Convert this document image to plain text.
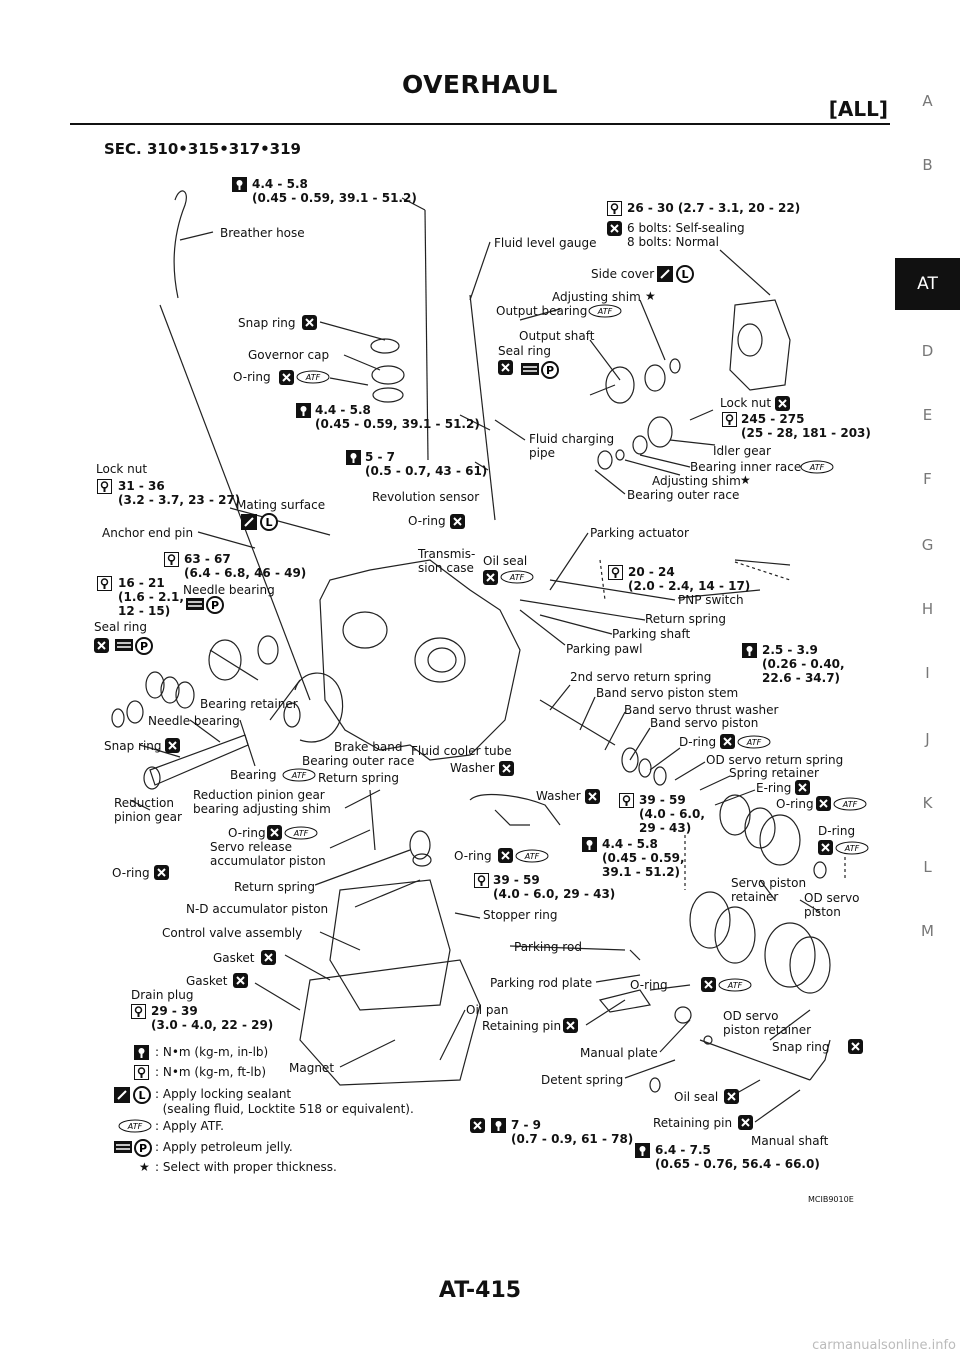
OVERHAUL
[ALL]	A
B
AT
D
E
F
G
H
I
J
K
L
M
SEC. 310•315•317•319
Breather hose
Snap ring
Governor cap
O-ring
Lock nut
Mating surface
Anchor end pin
Needle bearing
Seal ring
Bearing retainer
Needle bearing
Snap ring
Bearing
Reduction
pinion gear
Reduction pinion gear
bearing adjusting shim
O-ring
Servo release
accumulator piston
O-ring
Return spring
Return spring
N-D accumulator piston
Control valve assembly
Gasket
Gasket
Drain plug
Magnet
Fluid level gauge
Side cover
Adjusting shim
Output bearing
Output shaft
Seal ring
Lock nut
Idler gear
Bearing inner race
Adjusting shim
Bearing outer race
Fluid charging
pipe
Revolution sensor
O-ring
Transmis-
sion case Oil seal
Parking actuator
PNP switch
Return spring
Parking shaft
Parking pawl
2nd servo return spring
Band servo piston stem
Band servo thrust washer
Band servo piston
Brake band
Bearing outer race
Fluid cooler tube
Washer
Washer
D-ring
OD servo return spring
Spring retainer
E-ring
O-ring
D-ring
O-ring
Servo piston
retainer	OD servo
piston
Stopper ring
Parking rod
Parking rod plate	O-ring
Oil pan
Retaining pin
OD servo
piston retainer
Manual plate	Snap ring
Detent spring
Oil seal
Retaining pin
Manual shaft
4.4 - 5.8
(0.45 - 0.59, 39.1 - 51.2)
26 - 30 (2.7 - 3.1, 20 - 22)
6 bolts: Self-sealing
8 bolts: Normal
4.4 - 5.8
(0.45 - 0.59, 39.1 - 51.2)
5 - 7
(0.5 - 0.7, 43 - 61)
31 - 36
(3.2 - 3.7, 23 - 27)
245 - 275
(25 - 28, 181 - 203)
63 - 67
(6.4 - 6.8, 46 - 49)
16 - 21
(1.6 - 2.1,
12 - 15)
20 - 24
(2.0 - 2.4, 14 - 17)
2.5 - 3.9
(0.26 - 0.40,
22.6 - 34.7)
39 - 59
(4.0 - 6.0,
29 - 43)
4.4 - 5.8
(0.45 - 0.59,
39.1 - 51.2)
39 - 59
(4.0 - 6.0, 29 - 43)
29 - 39
(3.0 - 4.0, 22 - 29)
7 - 9
(0.7 - 0.9, 61 - 78)
6.4 - 7.5
(0.65 - 0.76, 56.4 - 66.0)
ATF
ATF
ATF
ATF
ATF
ATF
ATF
ATF
ATF
ATF
ATF
L
L
P
P
P
★
★
: N•m (kg-m, in-lb)
: N•m (kg-m, ft-lb)
L : Apply locking sealant
(sealing fluid, Locktite 518 or equivalent).
ATF : Apply ATF.
P : Apply petroleum jelly.
★ : Select with proper thickness.
MCIB9010E
AT-415
carmanualsonline.info
